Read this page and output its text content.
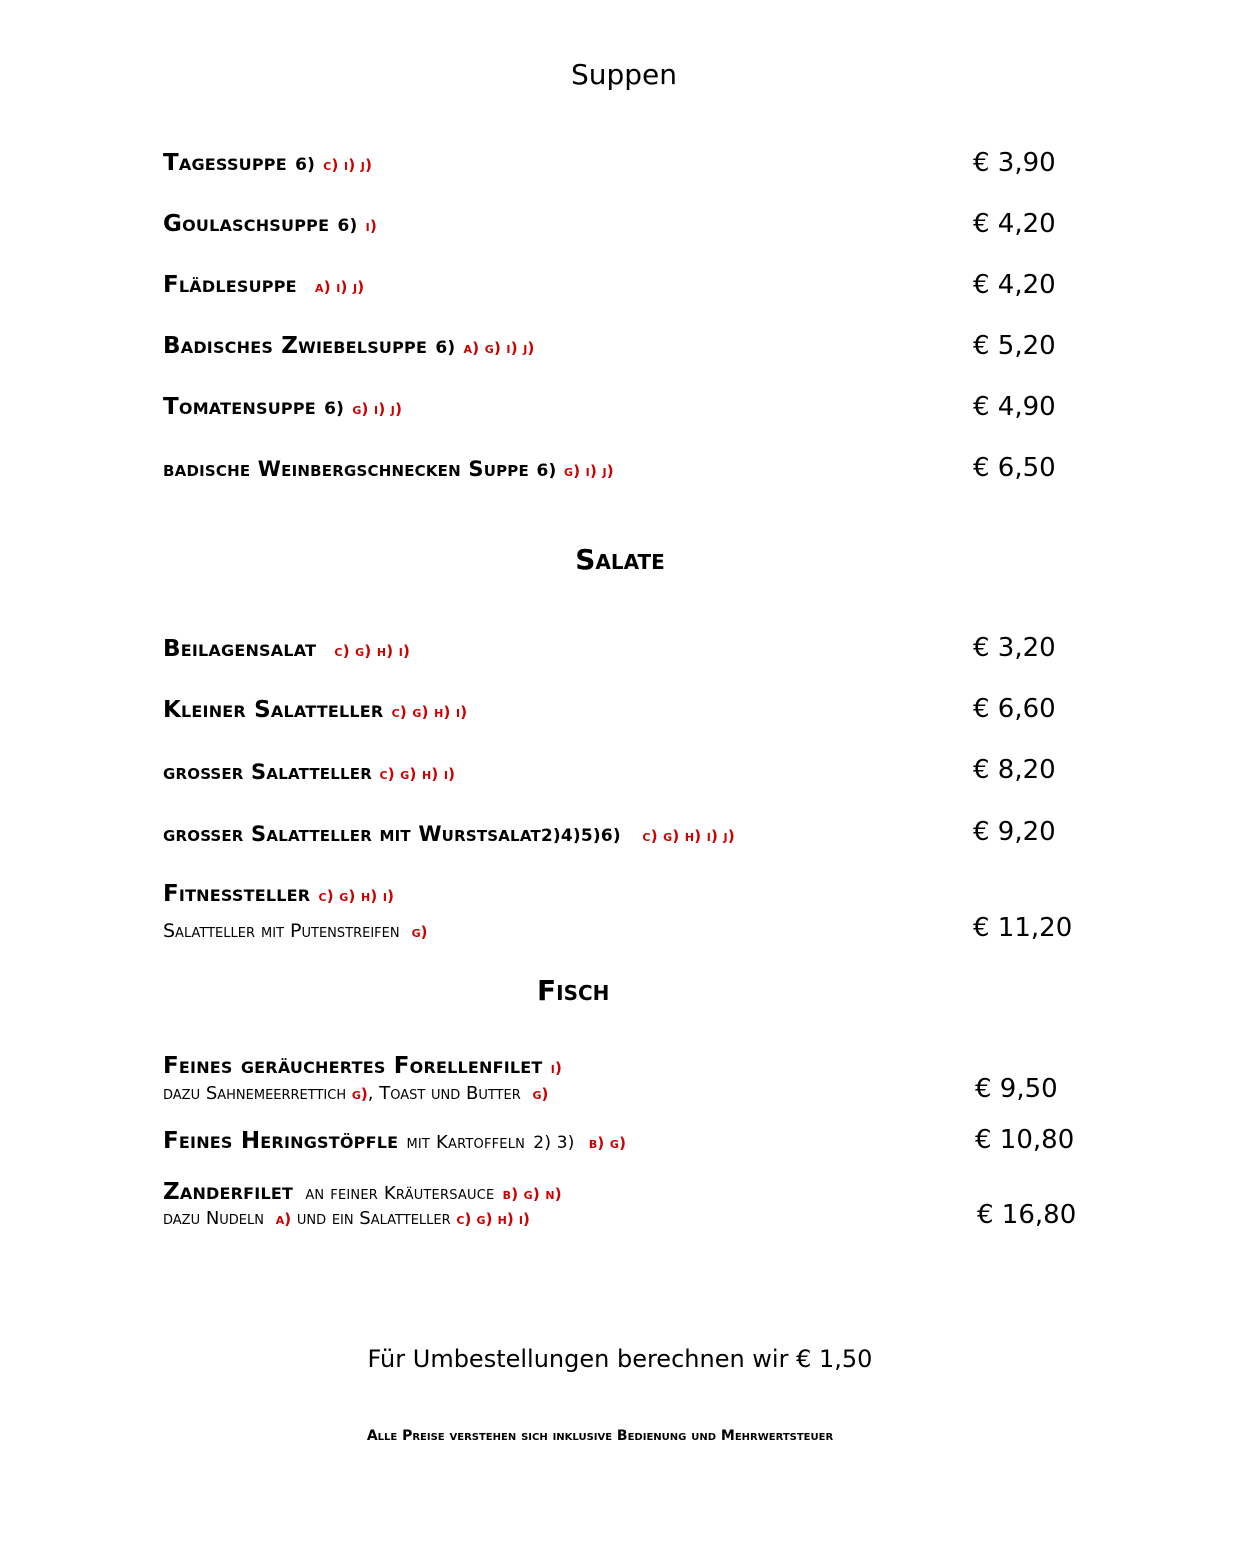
Suppen
Tagessuppe 6) c) i) j)	€ 3,90
Goulaschsuppe 6) i)	€ 4,20
Flädlesuppe a) i) j)	€ 4,20
Badisches Zwiebelsuppe 6) a) g) i) j)	€ 5,20
Tomatensuppe 6) g) i) j)	€ 4,90
badische Weinbergschnecken Suppe 6) g) i) j)	€ 6,50
Salate
Beilagensalat c) g) h) i)	€ 3,20
Kleiner Salatteller c) g) h) i)	€ 6,60
großer Salatteller c) g) h) i)	€ 8,20
großer Salatteller mit Wurstsalat2)4)5)6) c) g) h) i) j)	€ 9,20
Fitnessteller c) g) h) i)
Salatteller mit Putenstreifen g)	€ 11,20
Fisch
Feines geräuchertes Forellenfilet i)
dazu Sahnemeerrettich g), Toast und Butter g)	€ 9,50
Feines Heringstöpfle mit Kartoffeln 2) 3) b) g)	€ 10,80
Zanderfilet an feiner Kräutersauce b) g) n)
dazu Nudeln a) und ein Salatteller c) g) h) i)	€ 16,80
Für Umbestellungen berechnen wir € 1,50
Alle Preise verstehen sich inklusive Bedienung und Mehrwertsteuer
